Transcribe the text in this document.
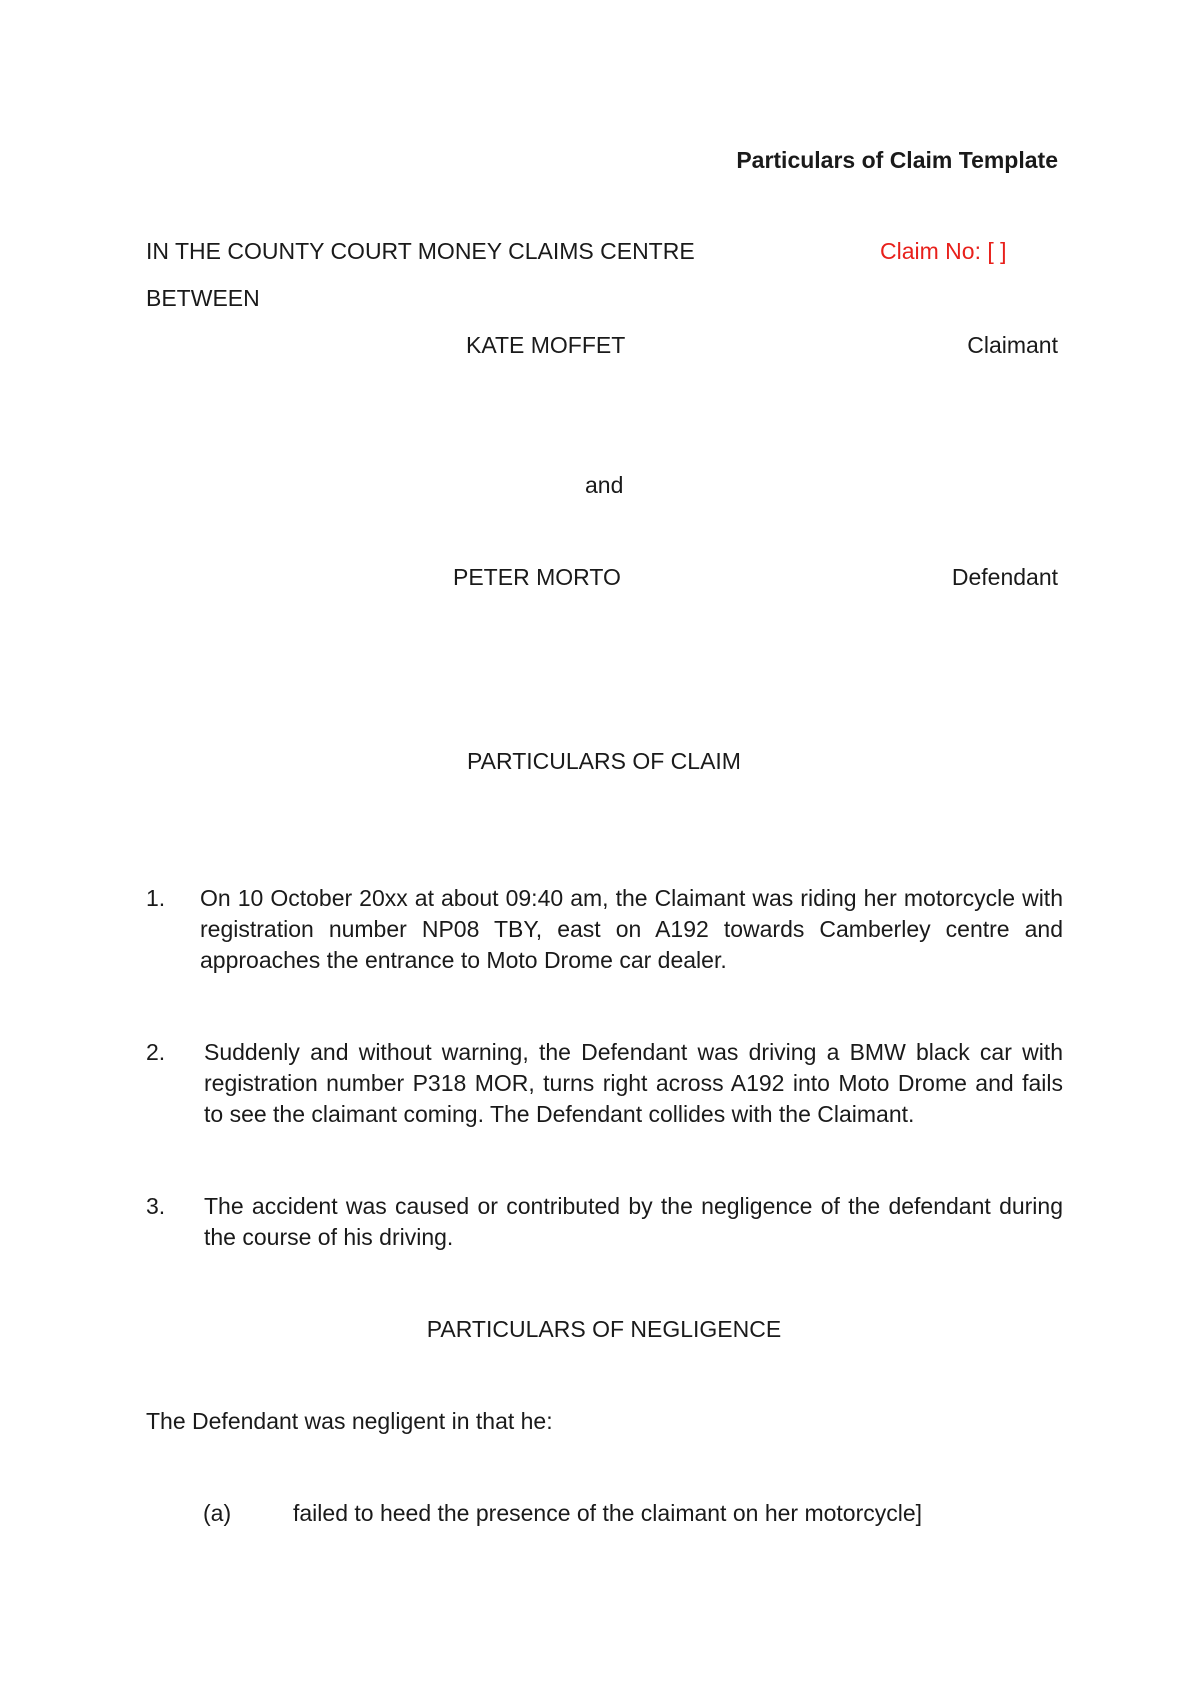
Particulars of Claim Template
IN THE COUNTY COURT MONEY CLAIMS CENTRE	Claim No: [ ]
BETWEEN
KATE MOFFET	Claimant
and
PETER MORTO	Defendant
PARTICULARS OF CLAIM
1. On 10 October 20xx at about 09:40 am, the Claimant was riding her motorcycle with registration number NP08 TBY, east on A192 towards Camberley centre and approaches the entrance to Moto Drome car dealer.
2. Suddenly and without warning, the Defendant was driving a BMW black car with registration number P318 MOR, turns right across A192 into Moto Drome and fails to see the claimant coming. The Defendant collides with the Claimant.
3. The accident was caused or contributed by the negligence of the defendant during the course of his driving.
PARTICULARS OF NEGLIGENCE
The Defendant was negligent in that he:
(a)	failed to heed the presence of the claimant on her motorcycle]
